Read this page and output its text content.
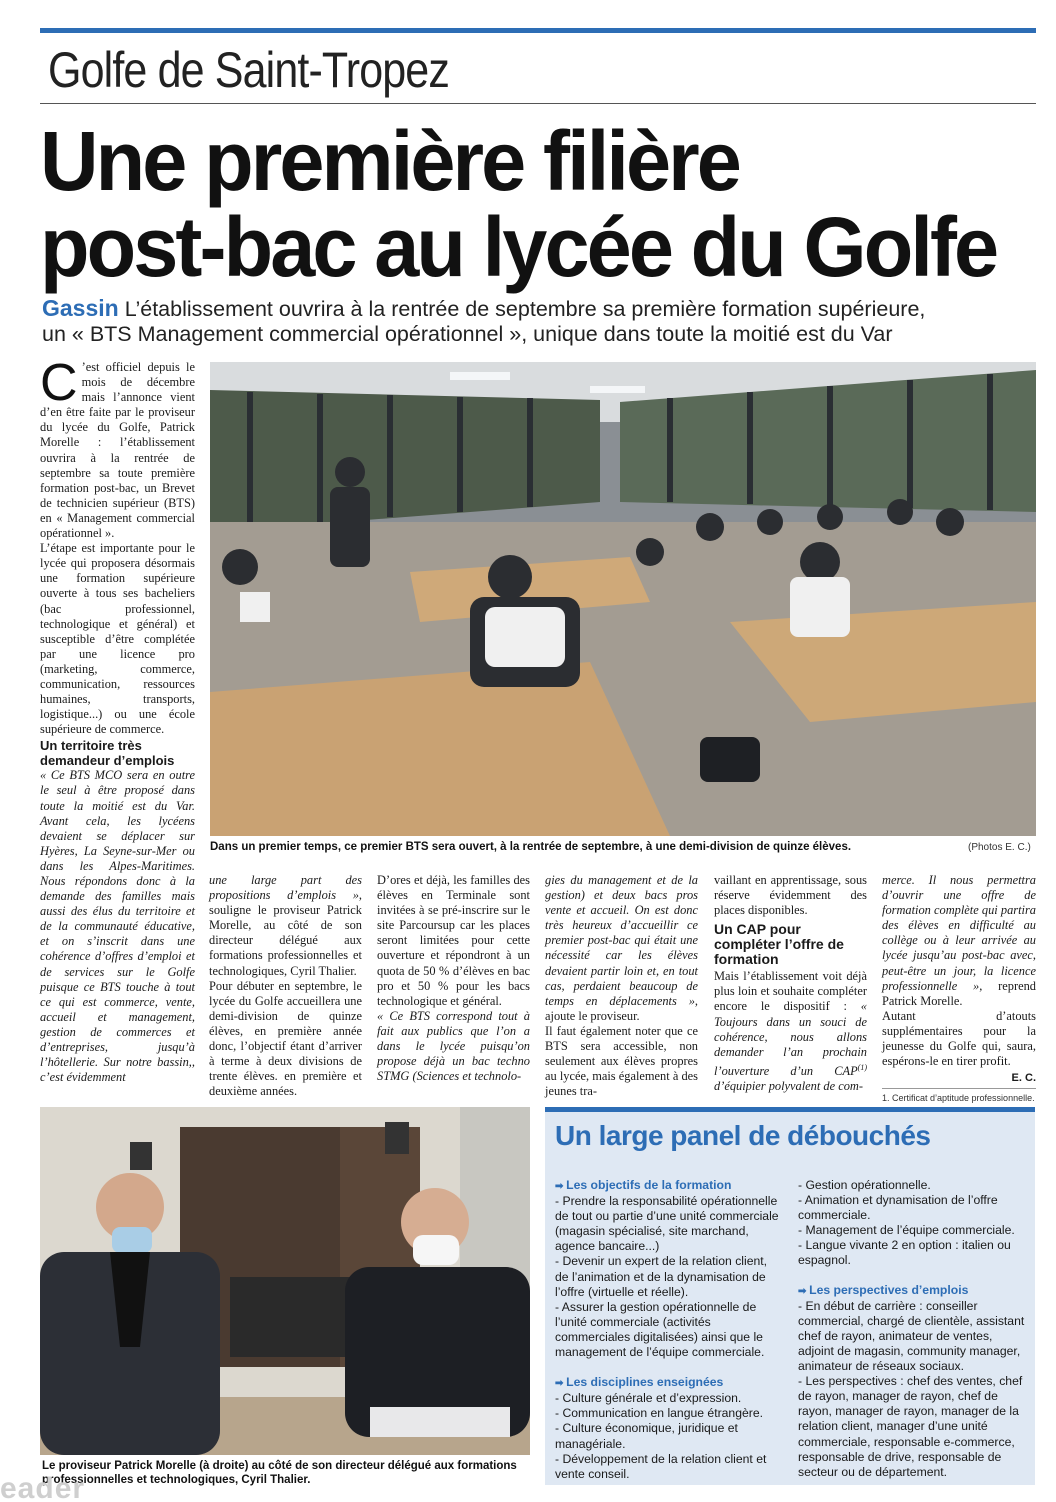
Golfe de Saint-Tropez
Une première filière
post-bac au lycée du Golfe
Gassin L’établissement ouvrira à la rentrée de septembre sa première formation supérieure,
un « BTS Management commercial opérationnel », unique dans toute la moitié est du Var
C ’est officiel depuis le mois de décembre mais l’annonce vient d’en être faite par le proviseur du lycée du Golfe, Patrick Morelle : l’établissement ouvrira à la rentrée de septembre sa toute première formation post-bac, un Brevet de technicien supérieur (BTS) en « Management commercial opérationnel ».

L’étape est importante pour le lycée qui proposera désormais une formation supérieure ouverte à tous ses bacheliers (bac professionnel, technologique et général) et susceptible d’être complétée par une licence pro (marketing, commerce, communication, ressources humaines, transports, logistique...) ou une école supérieure de commerce.

Un territoire très demandeur d’emplois

« Ce BTS MCO sera en outre le seul à être proposé dans toute la moitié est du Var. Avant cela, les lycéens devaient se déplacer sur Hyères, La Seyne-sur-Mer ou dans les Alpes-Maritimes. Nous répondons donc à la demande des familles mais aussi des élus du territoire et de la communauté éducative, et on s’inscrit dans une cohérence d’offres d’emploi et de services sur le Golfe puisque ce BTS touche à tout ce qui est commerce, vente, accueil et management, gestion de commerces et d’entreprises, jusqu’à l’hôtellerie. Sur notre bassin,, c’est évidemment

Dans un premier temps, ce premier BTS sera ouvert, à la rentrée de septembre, à une demi-division de quinze élèves.	(Photos E. C.)

une large part des propositions d’emplois », souligne le proviseur Patrick Morelle, au côté de son directeur délégué aux formations professionnelles et technologiques, Cyril Thalier.

Pour débuter en septembre, le lycée du Golfe accueillera une demi-division de quinze élèves, en première année donc, l’objectif étant d’arriver à terme à deux divisions de trente élèves. en première et deuxième années.

D’ores et déjà, les familles des élèves en Terminale sont invitées à se pré-inscrire sur le site Parcoursup car les places seront limitées pour cette ouverture et répondront à un quota de 50 % d’élèves en bac pro et 50 % pour les bacs technologique et général.

« Ce BTS correspond tout à fait aux publics que l’on a dans le lycée puisqu’on propose déjà un bac techno STMG (Sciences et technolo-

gies du management et de la gestion) et deux bacs pros vente et accueil. On est donc très heureux d’accueillir ce premier post-bac qui était une nécessité car les élèves devaient partir loin et, en tout cas, perdaient beaucoup de temps en déplacements », ajoute le proviseur.

Il faut également noter que ce BTS sera accessible, non seulement aux élèves propres au lycée, mais également à des jeunes tra-

vaillant en apprentissage, sous réserve évidemment des places disponibles.

Un CAP pour compléter l’offre de formation

Mais l’établissement voit déjà plus loin et souhaite compléter encore le dispositif : « Toujours dans un souci de cohérence, nous allons demander l’an prochain l’ouverture d’un CAP$^{(1)}$ d’équipier polyvalent de com-

merce. Il nous permettra d’ouvrir une offre de formation complète qui partira des élèves en difficulté au collège ou à leur arrivée au lycée jusqu’au post-bac avec, peut-être un jour, la licence professionnelle », reprend Patrick Morelle.

Autant d’atouts supplémentaires pour la jeunesse du Golfe qui, saura, espérons-le en tirer profit.

E. C.

1. Certificat d’aptitude professionnelle.

Le proviseur Patrick Morelle (à droite) au côté de son directeur délégué aux formations professionnelles et technologiques, Cyril Thalier.
Un large panel de débouchés
➡ Les objectifs de la formation
- Prendre la responsabilité opérationnelle de tout ou partie d’une unité commerciale (magasin spécialisé, site marchand, agence bancaire...)
- Devenir un expert de la relation client, de l’animation et de la dynamisation de l’offre (virtuelle et réelle).
- Assurer la gestion opérationnelle de l’unité commerciale (activités commerciales digitalisées) ainsi que le management de l’équipe commerciale.
➡ Les disciplines enseignées
- Culture générale et d’expression.
- Communication en langue étrangère.
- Culture économique, juridique et managériale.
- Développement de la relation client et vente conseil.
- Gestion opérationnelle.
- Animation et dynamisation de l’offre commerciale.
- Management de l’équipe commerciale.
- Langue vivante 2 en option : italien ou espagnol.
➡ Les perspectives d’emplois
- En début de carrière : conseiller commercial, chargé de clientèle, assistant chef de rayon, animateur de ventes, adjoint de magasin, community manager, animateur de réseaux sociaux.
- Les perspectives : chef des ventes, chef de rayon, manager de rayon, chef de rayon, manager de rayon, manager de la relation client, manager d’une unité commerciale, responsable e-commerce, responsable de drive, responsable de secteur ou de département.
eader
